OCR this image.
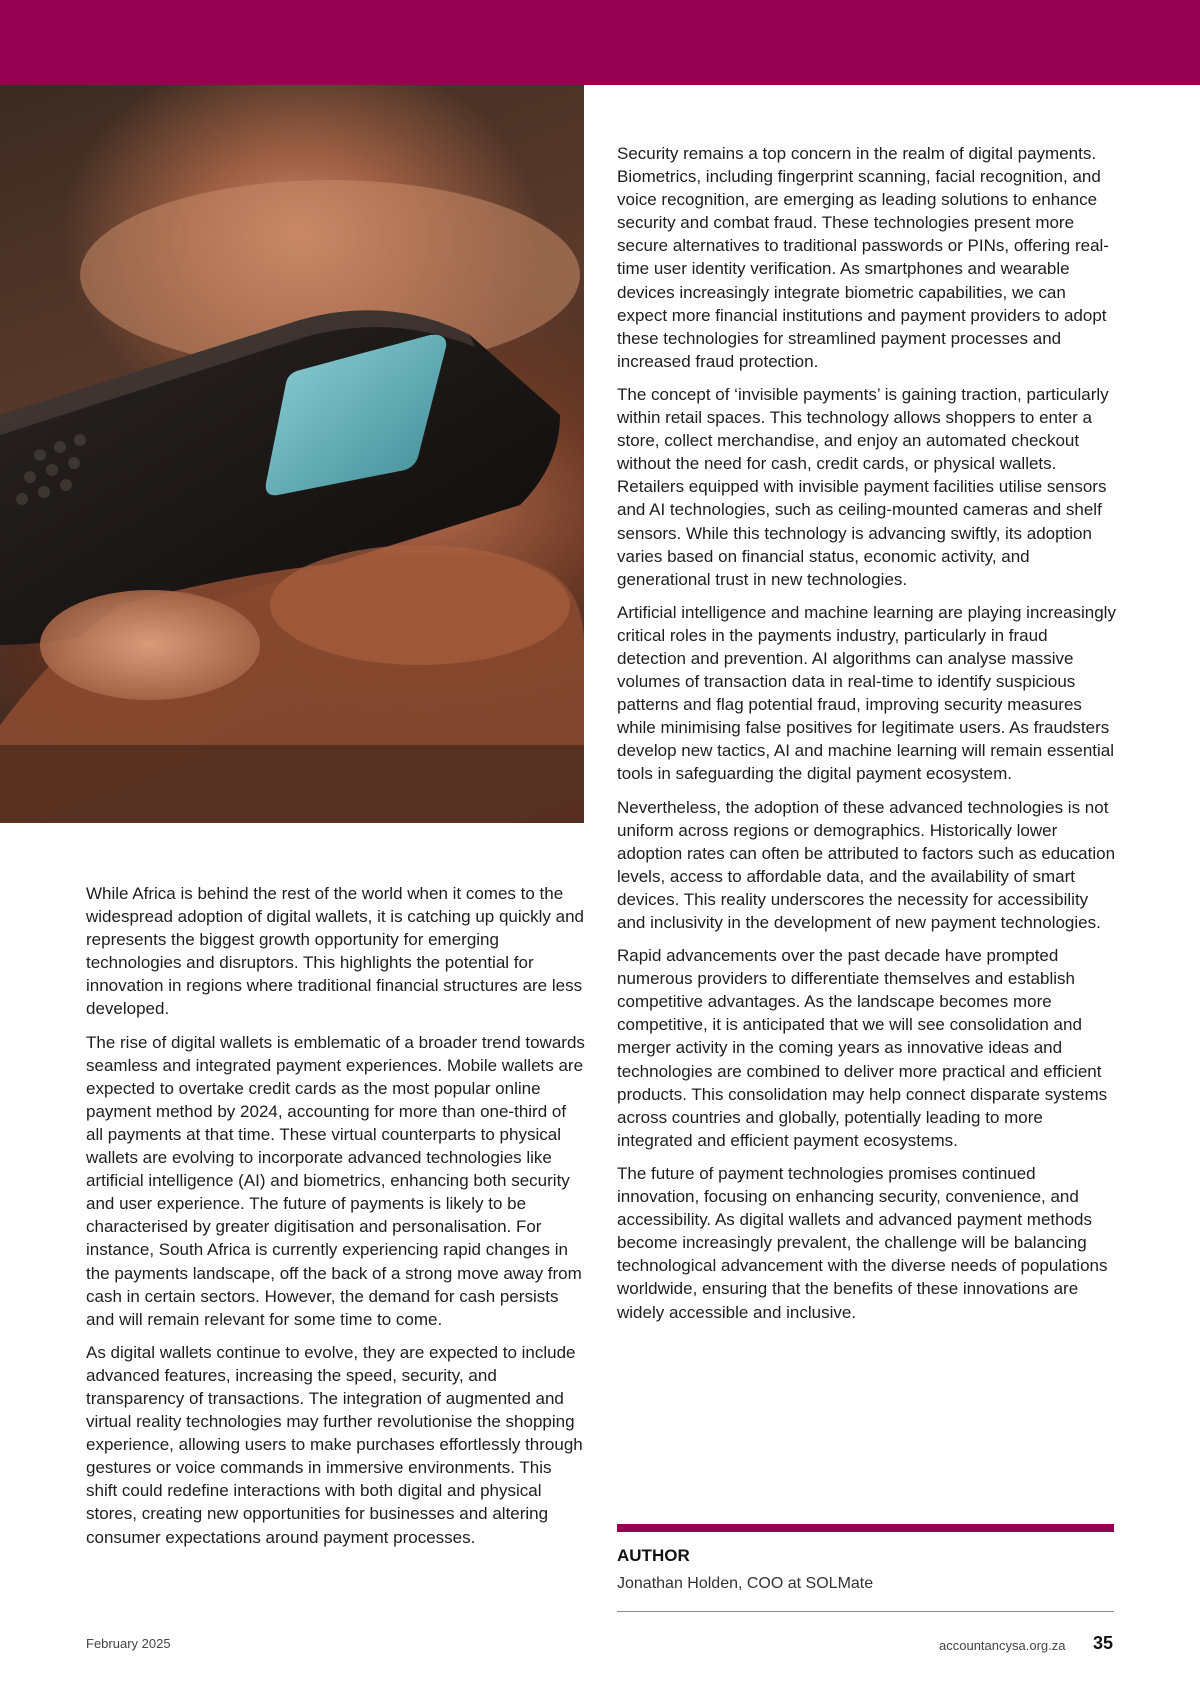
While Africa is behind the rest of the world when it comes to the widespread adoption of digital wallets, it is catching up quickly and represents the biggest growth opportunity for emerging technologies and disruptors. This highlights the potential for innovation in regions where traditional financial structures are less developed.

The rise of digital wallets is emblematic of a broader trend towards seamless and integrated payment experiences. Mobile wallets are expected to overtake credit cards as the most popular online payment method by 2024, accounting for more than one-third of all payments at that time. These virtual counterparts to physical wallets are evolving to incorporate advanced technologies like artificial intelligence (AI) and biometrics, enhancing both security and user experience. The future of payments is likely to be characterised by greater digitisation and personalisation. For instance, South Africa is currently experiencing rapid changes in the payments landscape, off the back of a strong move away from cash in certain sectors. However, the demand for cash persists and will remain relevant for some time to come.

As digital wallets continue to evolve, they are expected to include advanced features, increasing the speed, security, and transparency of transactions. The integration of augmented and virtual reality technologies may further revolutionise the shopping experience, allowing users to make purchases effortlessly through gestures or voice commands in immersive environments. This shift could redefine interactions with both digital and physical stores, creating new opportunities for businesses and altering consumer expectations around payment processes.

Security remains a top concern in the realm of digital payments. Biometrics, including fingerprint scanning, facial recognition, and voice recognition, are emerging as leading solutions to enhance security and combat fraud. These technologies present more secure alternatives to traditional passwords or PINs, offering real-time user identity verification. As smartphones and wearable devices increasingly integrate biometric capabilities, we can expect more financial institutions and payment providers to adopt these technologies for streamlined payment processes and increased fraud protection.

The concept of ‘invisible payments’ is gaining traction, particularly within retail spaces. This technology allows shoppers to enter a store, collect merchandise, and enjoy an automated checkout without the need for cash, credit cards, or physical wallets. Retailers equipped with invisible payment facilities utilise sensors and AI technologies, such as ceiling-mounted cameras and shelf sensors. While this technology is advancing swiftly, its adoption varies based on financial status, economic activity, and generational trust in new technologies.

Artificial intelligence and machine learning are playing increasingly critical roles in the payments industry, particularly in fraud detection and prevention. AI algorithms can analyse massive volumes of transaction data in real-time to identify suspicious patterns and flag potential fraud, improving security measures while minimising false positives for legitimate users. As fraudsters develop new tactics, AI and machine learning will remain essential tools in safeguarding the digital payment ecosystem.

Nevertheless, the adoption of these advanced technologies is not uniform across regions or demographics. Historically lower adoption rates can often be attributed to factors such as education levels, access to affordable data, and the availability of smart devices. This reality underscores the necessity for accessibility and inclusivity in the development of new payment technologies.

Rapid advancements over the past decade have prompted numerous providers to differentiate themselves and establish competitive advantages. As the landscape becomes more competitive, it is anticipated that we will see consolidation and merger activity in the coming years as innovative ideas and technologies are combined to deliver more practical and efficient products. This consolidation may help connect disparate systems across countries and globally, potentially leading to more integrated and efficient payment ecosystems.

The future of payment technologies promises continued innovation, focusing on enhancing security, convenience, and accessibility. As digital wallets and advanced payment methods become increasingly prevalent, the challenge will be balancing technological advancement with the diverse needs of populations worldwide, ensuring that the benefits of these innovations are widely accessible and inclusive.

AUTHOR
Jonathan Holden, COO at SOLMate
February 2025	accountancysa.org.za 35
